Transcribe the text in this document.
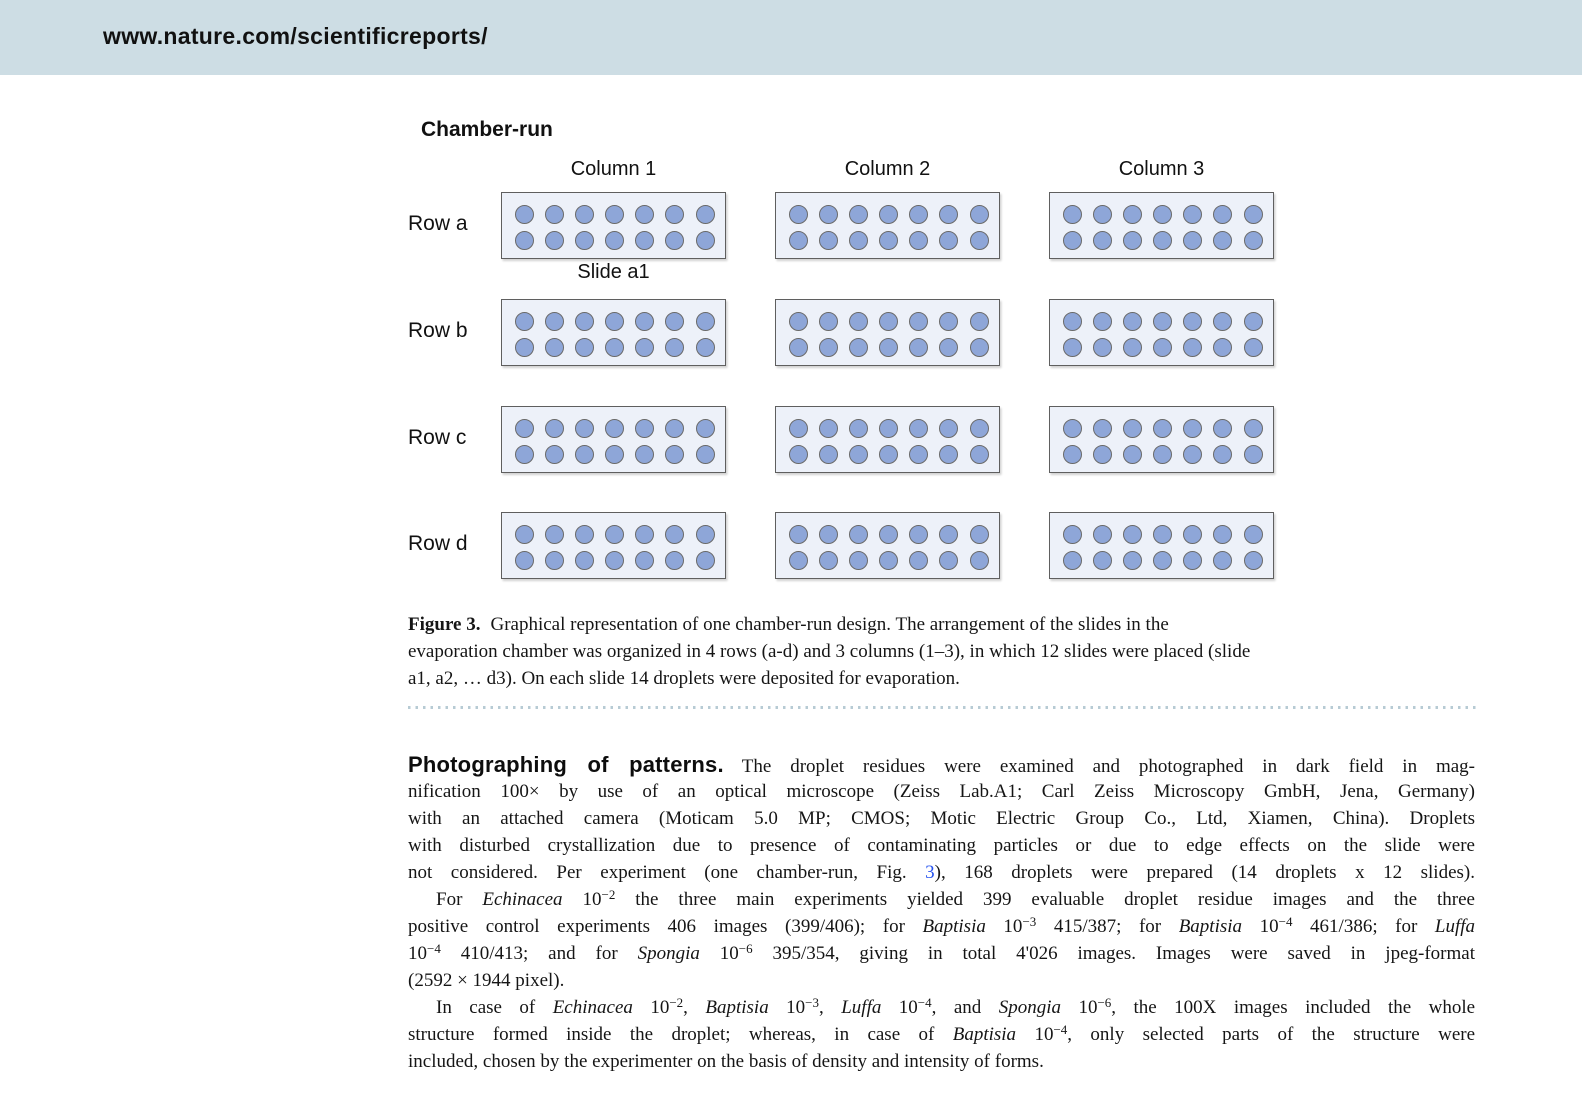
www.nature.com/scientificreports/
Chamber-run
Column 1	Column 2	Column 3
Row a
Row b
Row c
Row d
Slide a1
Figure 3. Graphical representation of one chamber-run design. The arrangement of the slides in the
evaporation chamber was organized in 4 rows (a-d) and 3 columns (1–3), in which 12 slides were placed (slide
a1, a2, … d3). On each slide 14 droplets were deposited for evaporation.
Photographing of patterns. The droplet residues were examined and photographed in dark field in mag-
nification 100× by use of an optical microscope (Zeiss Lab.A1; Carl Zeiss Microscopy GmbH, Jena, Germany)
with an attached camera (Moticam 5.0 MP; CMOS; Motic Electric Group Co., Ltd, Xiamen, China). Droplets
with disturbed crystallization due to presence of contaminating particles or due to edge effects on the slide were
not considered. Per experiment (one chamber-run, Fig. 3), 168 droplets were prepared (14 droplets x 12 slides).
For Echinacea $10^{-2}$ the three main experiments yielded 399 evaluable droplet residue images and the three
positive control experiments 406 images (399/406); for Baptisia $10^{-3}$ 415/387; for Baptisia $10^{-4}$ 461/386; for Luffa
$10^{-4}$ 410/413; and for Spongia $10^{-6}$ 395/354, giving in total 4'026 images. Images were saved in jpeg-format
(2592 × 1944 pixel).
In case of Echinacea $10^{-2}$, Baptisia $10^{-3}$, Luffa $10^{-4}$, and Spongia $10^{-6}$, the 100X images included the whole
structure formed inside the droplet; whereas, in case of Baptisia $10^{-4}$, only selected parts of the structure were
included, chosen by the experimenter on the basis of density and intensity of forms.
